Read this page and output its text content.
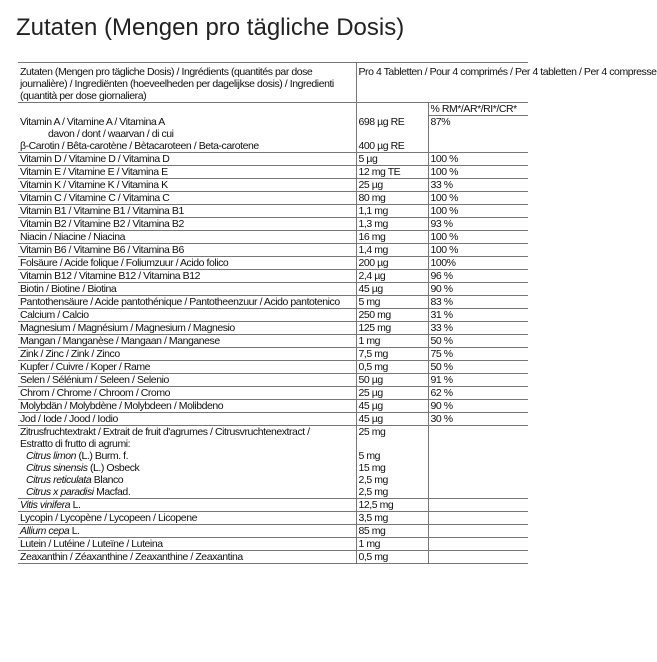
Zutaten (Mengen pro tägliche Dosis)
Zutaten (Mengen pro tägliche Dosis) / Ingrédients (quantités par dose journalière) / Ingrediënten (hoeveelheden per dagelijkse dosis) / Ingredienti (quantità per dose giornaliera)	Pro 4 Tabletten / Pour 4 comprimés / Per 4 tabletten / Per 4 compresse	
		% RM*/AR*/RI*/CR*
Vitamin A / Vitamine A / Vitamina A	698 µg RE	87%
davon / dont / waarvan / di cui		
β-Carotin / Bêta-carotène / Bètacaroteen / Beta-carotene	400 µg RE	
Vitamin D / Vitamine D / Vitamina D	5 µg	100 %
Vitamin E / Vitamine E / Vitamina E	12 mg TE	100 %
Vitamin K / Vitamine K / Vitamina K	25 µg	33 %
Vitamin C / Vitamine C / Vitamina C	80 mg	100 %
Vitamin B1 / Vitamine B1 / Vitamina B1	1,1 mg	100 %
Vitamin B2 / Vitamine B2 / Vitamina B2	1,3 mg	93 %
Niacin / Niacine / Niacina	16 mg	100 %
Vitamin B6 / Vitamine B6 / Vitamina B6	1,4 mg	100 %
Folsäure / Acide folique / Foliumzuur / Acido folico	200 µg	100%
Vitamin B12 / Vitamine B12 / Vitamina B12	2,4 µg	96 %
Biotin / Biotine / Biotina	45 µg	90 %
Pantothensäure / Acide pantothénique / Pantotheenzuur / Acido pantotenico	5 mg	83 %
Calcium / Calcio	250 mg	31 %
Magnesium / Magnésium / Magnesium / Magnesio	125 mg	33 %
Mangan / Manganèse / Mangaan / Manganese	1 mg	50 %
Zink / Zinc / Zink / Zinco	7,5 mg	75 %
Kupfer / Cuivre / Koper / Rame	0,5 mg	50 %
Selen / Sélénium / Seleen / Selenio	50 µg	91 %
Chrom / Chrome / Chroom / Cromo	25 µg	62 %
Molybdän / Molybdène / Molybdeen / Molibdeno	45 µg	90 %
Jod / Iode / Jood / Iodio	45 µg	30 %
Zitrusfruchtextrakt / Extrait de fruit d'agrumes / Citrusvruchtenextract /	25 mg	
Estratto di frutto di agrumi:		
Citrus limon (L.) Burm. f.	5 mg	
Citrus sinensis (L.) Osbeck	15 mg	
Citrus reticulata Blanco	2,5 mg	
Citrus x paradisi Macfad.	2,5 mg	
Vitis vinifera L.	12,5 mg	
Lycopin / Lycopène / Lycopeen / Licopene	3,5 mg	
Allium cepa L.	85 mg	
Lutein / Lutéine / Luteïne / Luteina	1 mg	
Zeaxanthin / Zéaxanthine / Zeaxanthine / Zeaxantina	0,5 mg	
